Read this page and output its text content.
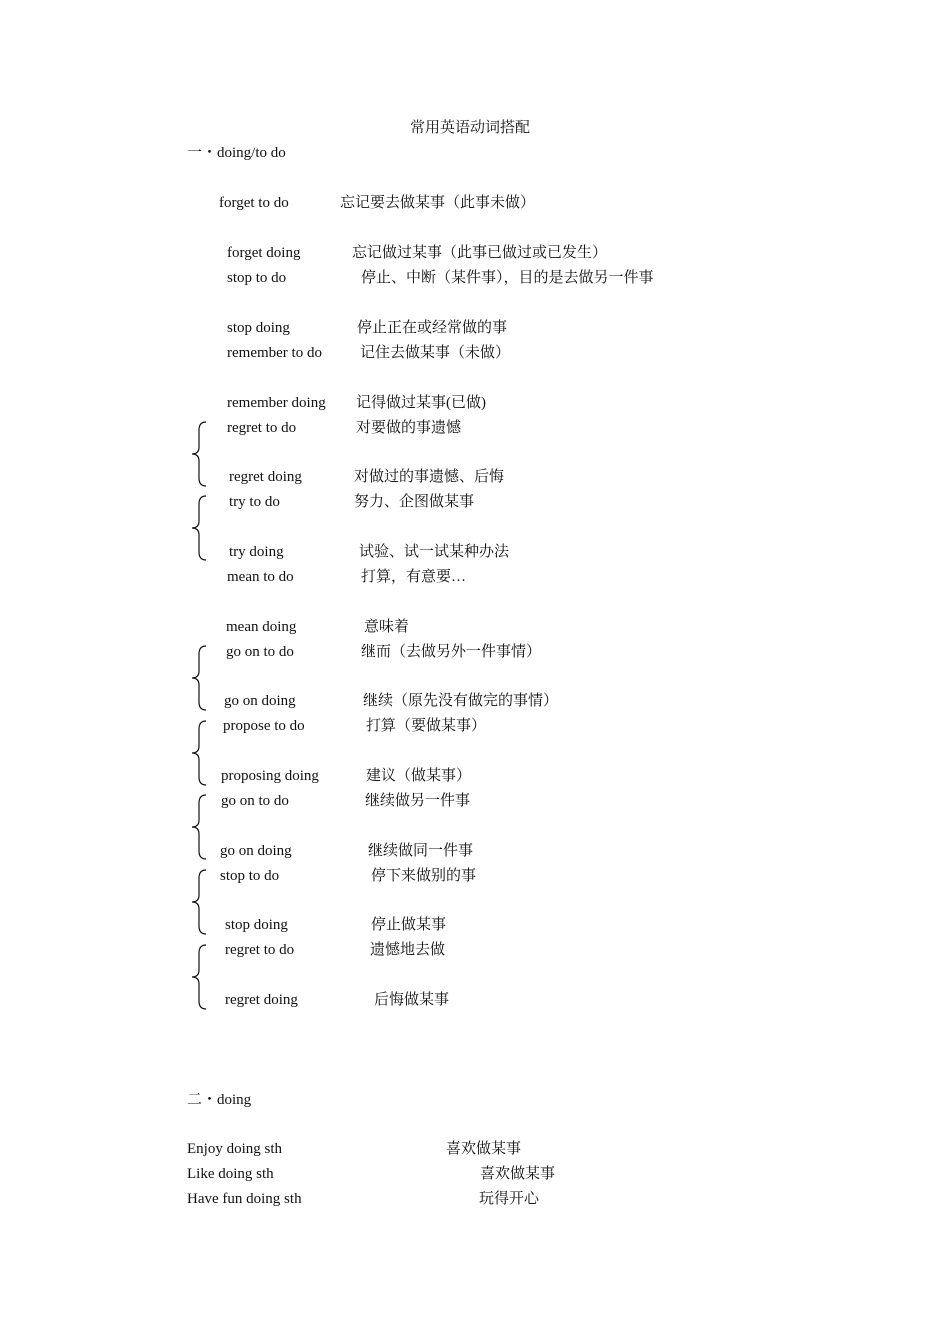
常用英语动词搭配
一・doing/to do
forget to do	忘记要去做某事（此事未做）
forget doing	忘记做过某事（此事已做过或已发生）
stop to do	停止、中断（某件事），目的是去做另一件事
stop doing	停止正在或经常做的事
remember to do	记住去做某事（未做）
remember doing 记得做过某事(已做)
regret to do	对要做的事遗憾
regret doing	对做过的事遗憾、后悔
try to do	努力、企图做某事
try doing	试验、试一试某种办法
mean to do	打算，有意要…
mean doing	意味着
go on to do	继而（去做另外一件事情）
go on doing	继续（原先没有做完的事情）
propose to do	打算（要做某事）
proposing doing	建议（做某事）
go on to do	继续做另一件事
go on doing	继续做同一件事
stop to do	停下来做别的事
stop doing	停止做某事
regret to do	遗憾地去做
regret doing	后悔做某事
二・doing
Enjoy doing sth	喜欢做某事
Like doing sth	喜欢做某事
Have fun doing sth	玩得开心
